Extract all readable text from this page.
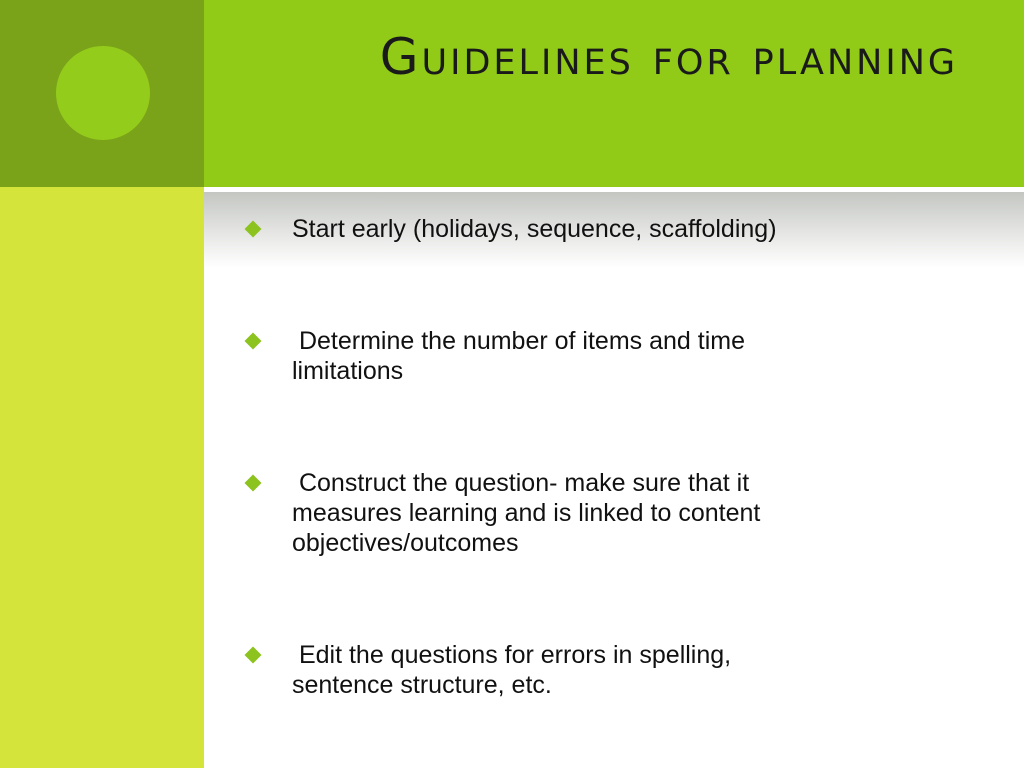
Guidelines for planning
Start early (holidays, sequence, scaffolding)
Determine the number of items and time
limitations
Construct the question- make sure that it
measures learning and is linked to content
objectives/outcomes
Edit the questions for errors in spelling,
sentence structure, etc.
